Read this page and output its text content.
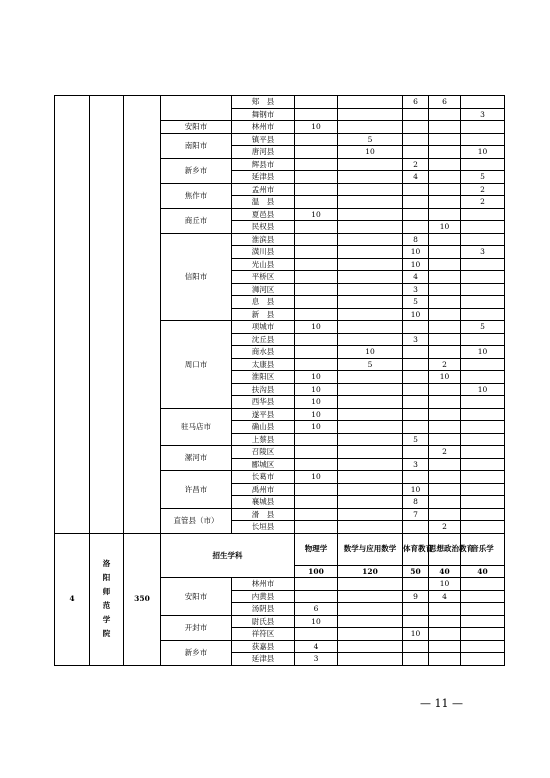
				郏　县			6	6	
				舞钢市					3
			安阳市	林州市	10				
			南阳市	镇平县		5			
				唐河县		10			10
			新乡市	辉县市			2		
				延津县			4		5
			焦作市	孟州市					2
				温　县					2
			商丘市	夏邑县	10				
				民权县				10	
			信阳市	淮滨县			8		
				潢川县			10		3
				光山县			10		
				平桥区			4		
				浉河区			3		
				息　县			5		
				新　县			10		
			周口市	项城市	10				5
				沈丘县			3		
				商水县		10			10
				太康县		5		2	
				淮阳区	10			10	
				扶沟县	10				10
				西华县	10				
			驻马店市	遂平县	10				
				确山县	10				
				上蔡县			5		
			漯河市	召陵区				2	
				郾城区			3		
			许昌市	长葛市	10				
				禹州市			10		
				襄城县			8		
			直管县（市）	滑　县			7		
				长垣县				2	
4	洛阳师范学院	350	招生学科		物理学	数学与应用数学	体育教育	思想政治教育	音乐学
					100	120	50	40	40
			安阳市	林州市				10	
				内黄县			9	4	
				汤阴县	6				
			开封市	尉氏县	10				
				祥符区			10		
			新乡市	获嘉县	4				
				延津县	3				
— 11 —
